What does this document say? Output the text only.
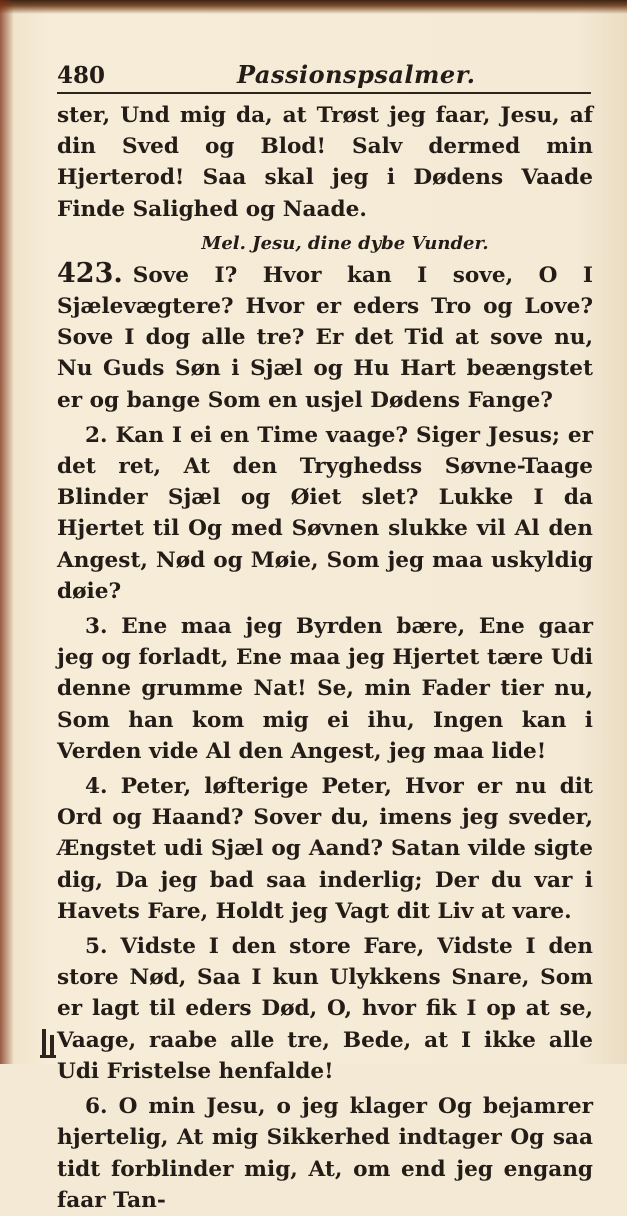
480	Passionspsalmer.

ster, Und mig da, at Trøst jeg faar, Jesu, af din Sved og Blod! Salv dermed min Hjerterod! Saa skal jeg i Dødens Vaade Finde Salighed og Naade.

Mel. Jesu, dine dybe Vunder.

423. Sove I? Hvor kan I sove, O I Sjælevægtere? Hvor er eders Tro og Love? Sove I dog alle tre? Er det Tid at sove nu, Nu Guds Søn i Sjæl og Hu Hart beængstet er og bange Som en usjel Dødens Fange?

2. Kan I ei en Time vaage? Siger Jesus; er det ret, At den Tryghedss Søvne-Taage Blinder Sjæl og Øiet slet? Lukke I da Hjertet til Og med Søvnen slukke vil Al den Angest, Nød og Møie, Som jeg maa uskyldig døie?

3. Ene maa jeg Byrden bære, Ene gaar jeg og forladt, Ene maa jeg Hjertet tære Udi denne grumme Nat! Se, min Fader tier nu, Som han kom mig ei ihu, Ingen kan i Verden vide Al den Angest, jeg maa lide!

4. Peter, løfterige Peter, Hvor er nu dit Ord og Haand? Sover du, imens jeg sveder, Ængstet udi Sjæl og Aand? Satan vilde sigte dig, Da jeg bad saa inderlig; Der du var i Havets Fare, Holdt jeg Vagt dit Liv at vare.

5. Vidste I den store Fare, Vidste I den store Nød, Saa I kun Ulykkens Snare, Som er lagt til eders Død, O, hvor fik I op at se, Vaage, raabe alle tre, Bede, at I ikke alle Udi Fristelse henfalde!

6. O min Jesu, o jeg klager Og bejamrer hjertelig, At mig Sikkerhed indtager Og saa tidt forblinder mig, At, om end jeg engang faar Tan-
